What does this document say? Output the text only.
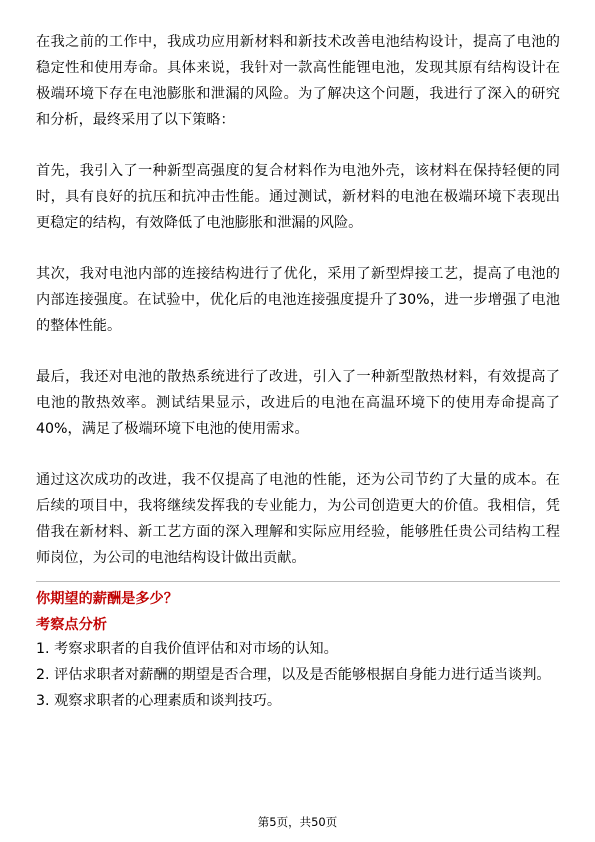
在我之前的工作中，我成功应用新材料和新技术改善电池结构设计，提高了电池的稳定性和使用寿命。具体来说，我针对一款高性能锂电池，发现其原有结构设计在极端环境下存在电池膨胀和泄漏的风险。为了解决这个问题，我进行了深入的研究和分析，最终采用了以下策略：

首先，我引入了一种新型高强度的复合材料作为电池外壳，该材料在保持轻便的同时，具有良好的抗压和抗冲击性能。通过测试，新材料的电池在极端环境下表现出更稳定的结构，有效降低了电池膨胀和泄漏的风险。

其次，我对电池内部的连接结构进行了优化，采用了新型焊接工艺，提高了电池的内部连接强度。在试验中，优化后的电池连接强度提升了30%，进一步增强了电池的整体性能。

最后，我还对电池的散热系统进行了改进，引入了一种新型散热材料，有效提高了电池的散热效率。测试结果显示，改进后的电池在高温环境下的使用寿命提高了40%，满足了极端环境下电池的使用需求。

通过这次成功的改进，我不仅提高了电池的性能，还为公司节约了大量的成本。在后续的项目中，我将继续发挥我的专业能力，为公司创造更大的价值。我相信，凭借我在新材料、新工艺方面的深入理解和实际应用经验，能够胜任贵公司结构工程师岗位，为公司的电池结构设计做出贡献。

你期望的薪酬是多少？
考察点分析
1. 考察求职者的自我价值评估和对市场的认知。
2. 评估求职者对薪酬的期望是否合理，以及是否能够根据自身能力进行适当谈判。
3. 观察求职者的心理素质和谈判技巧。
第5页，共50页
